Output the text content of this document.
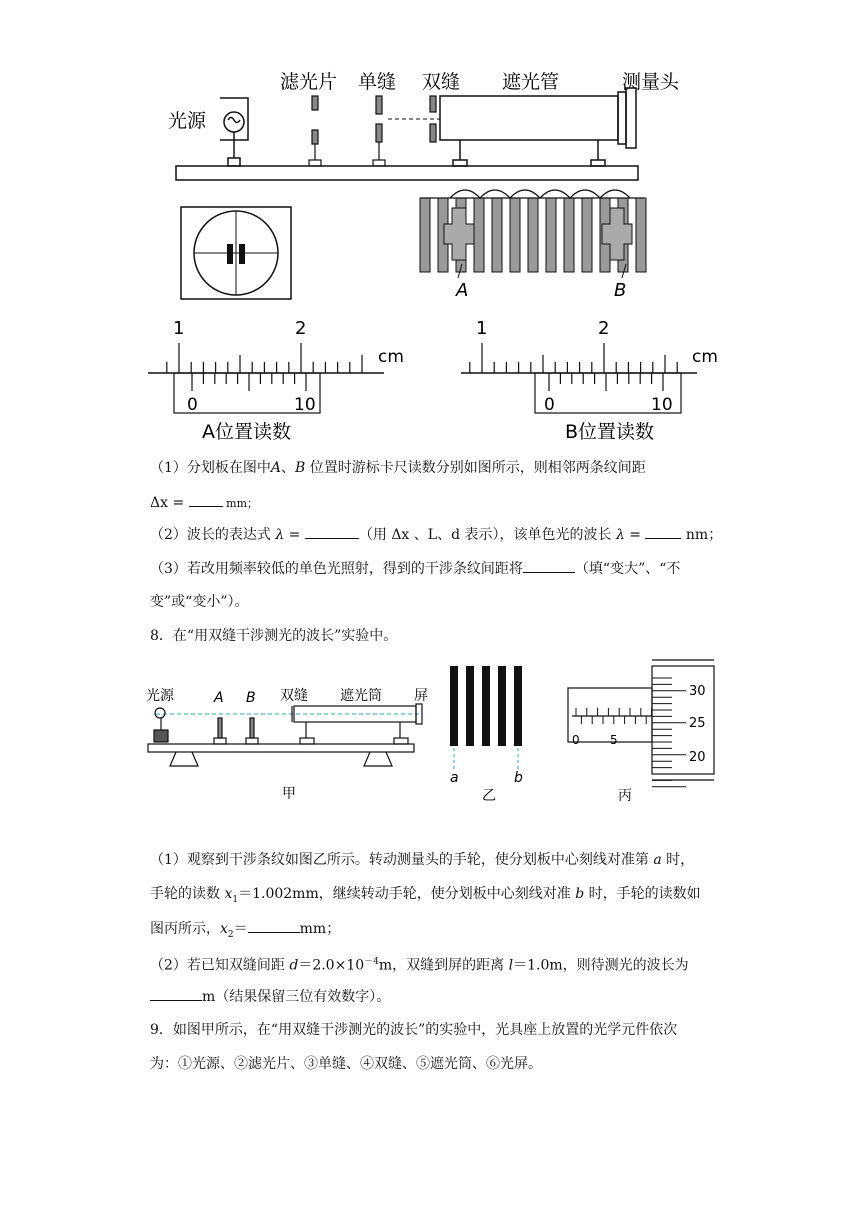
光源
滤光片 单缝 双缝 遮光管	测量头
A	B
1	2
cm
0	10
A位置读数
1	2
cm
0	10
B位置读数
（1）分划板在图中A、B 位置时游标卡尺读数分别如图所示，则相邻两条纹间距
Δx =	mm；
（2）波长的表达式 λ =	（用 Δx 、L、d 表示），该单色光的波长 λ =	nm；
（3）若改用频率较低的单色光照射，得到的干涉条纹间距将	（填“变大”、“不
变”或“变小”）。
8．在“用双缝干涉测光的波长”实验中。
光源	A B 双缝 遮光筒 屏
甲
a	b
乙
0	5
30
25
20
丙
（1）观察到干涉条纹如图乙所示。转动测量头的手轮，使分划板中心刻线对准第 a 时，
手轮的读数 $x_1=1.002mm$，继续转动手轮，使分划板中心刻线对准 b 时，手轮的读数如
图丙所示，$x_2=$	mm；
（2）若已知双缝间距 $d=2.0\times 10^{-4}m$，双缝到屏的距离 l＝1.0m，则待测光的波长为
m（结果保留三位有效数字）。
9．如图甲所示，在“用双缝干涉测光的波长”的实验中，光具座上放置的光学元件依次
为：①光源、②滤光片、③单缝、④双缝、⑤遮光筒、⑥光屏。
